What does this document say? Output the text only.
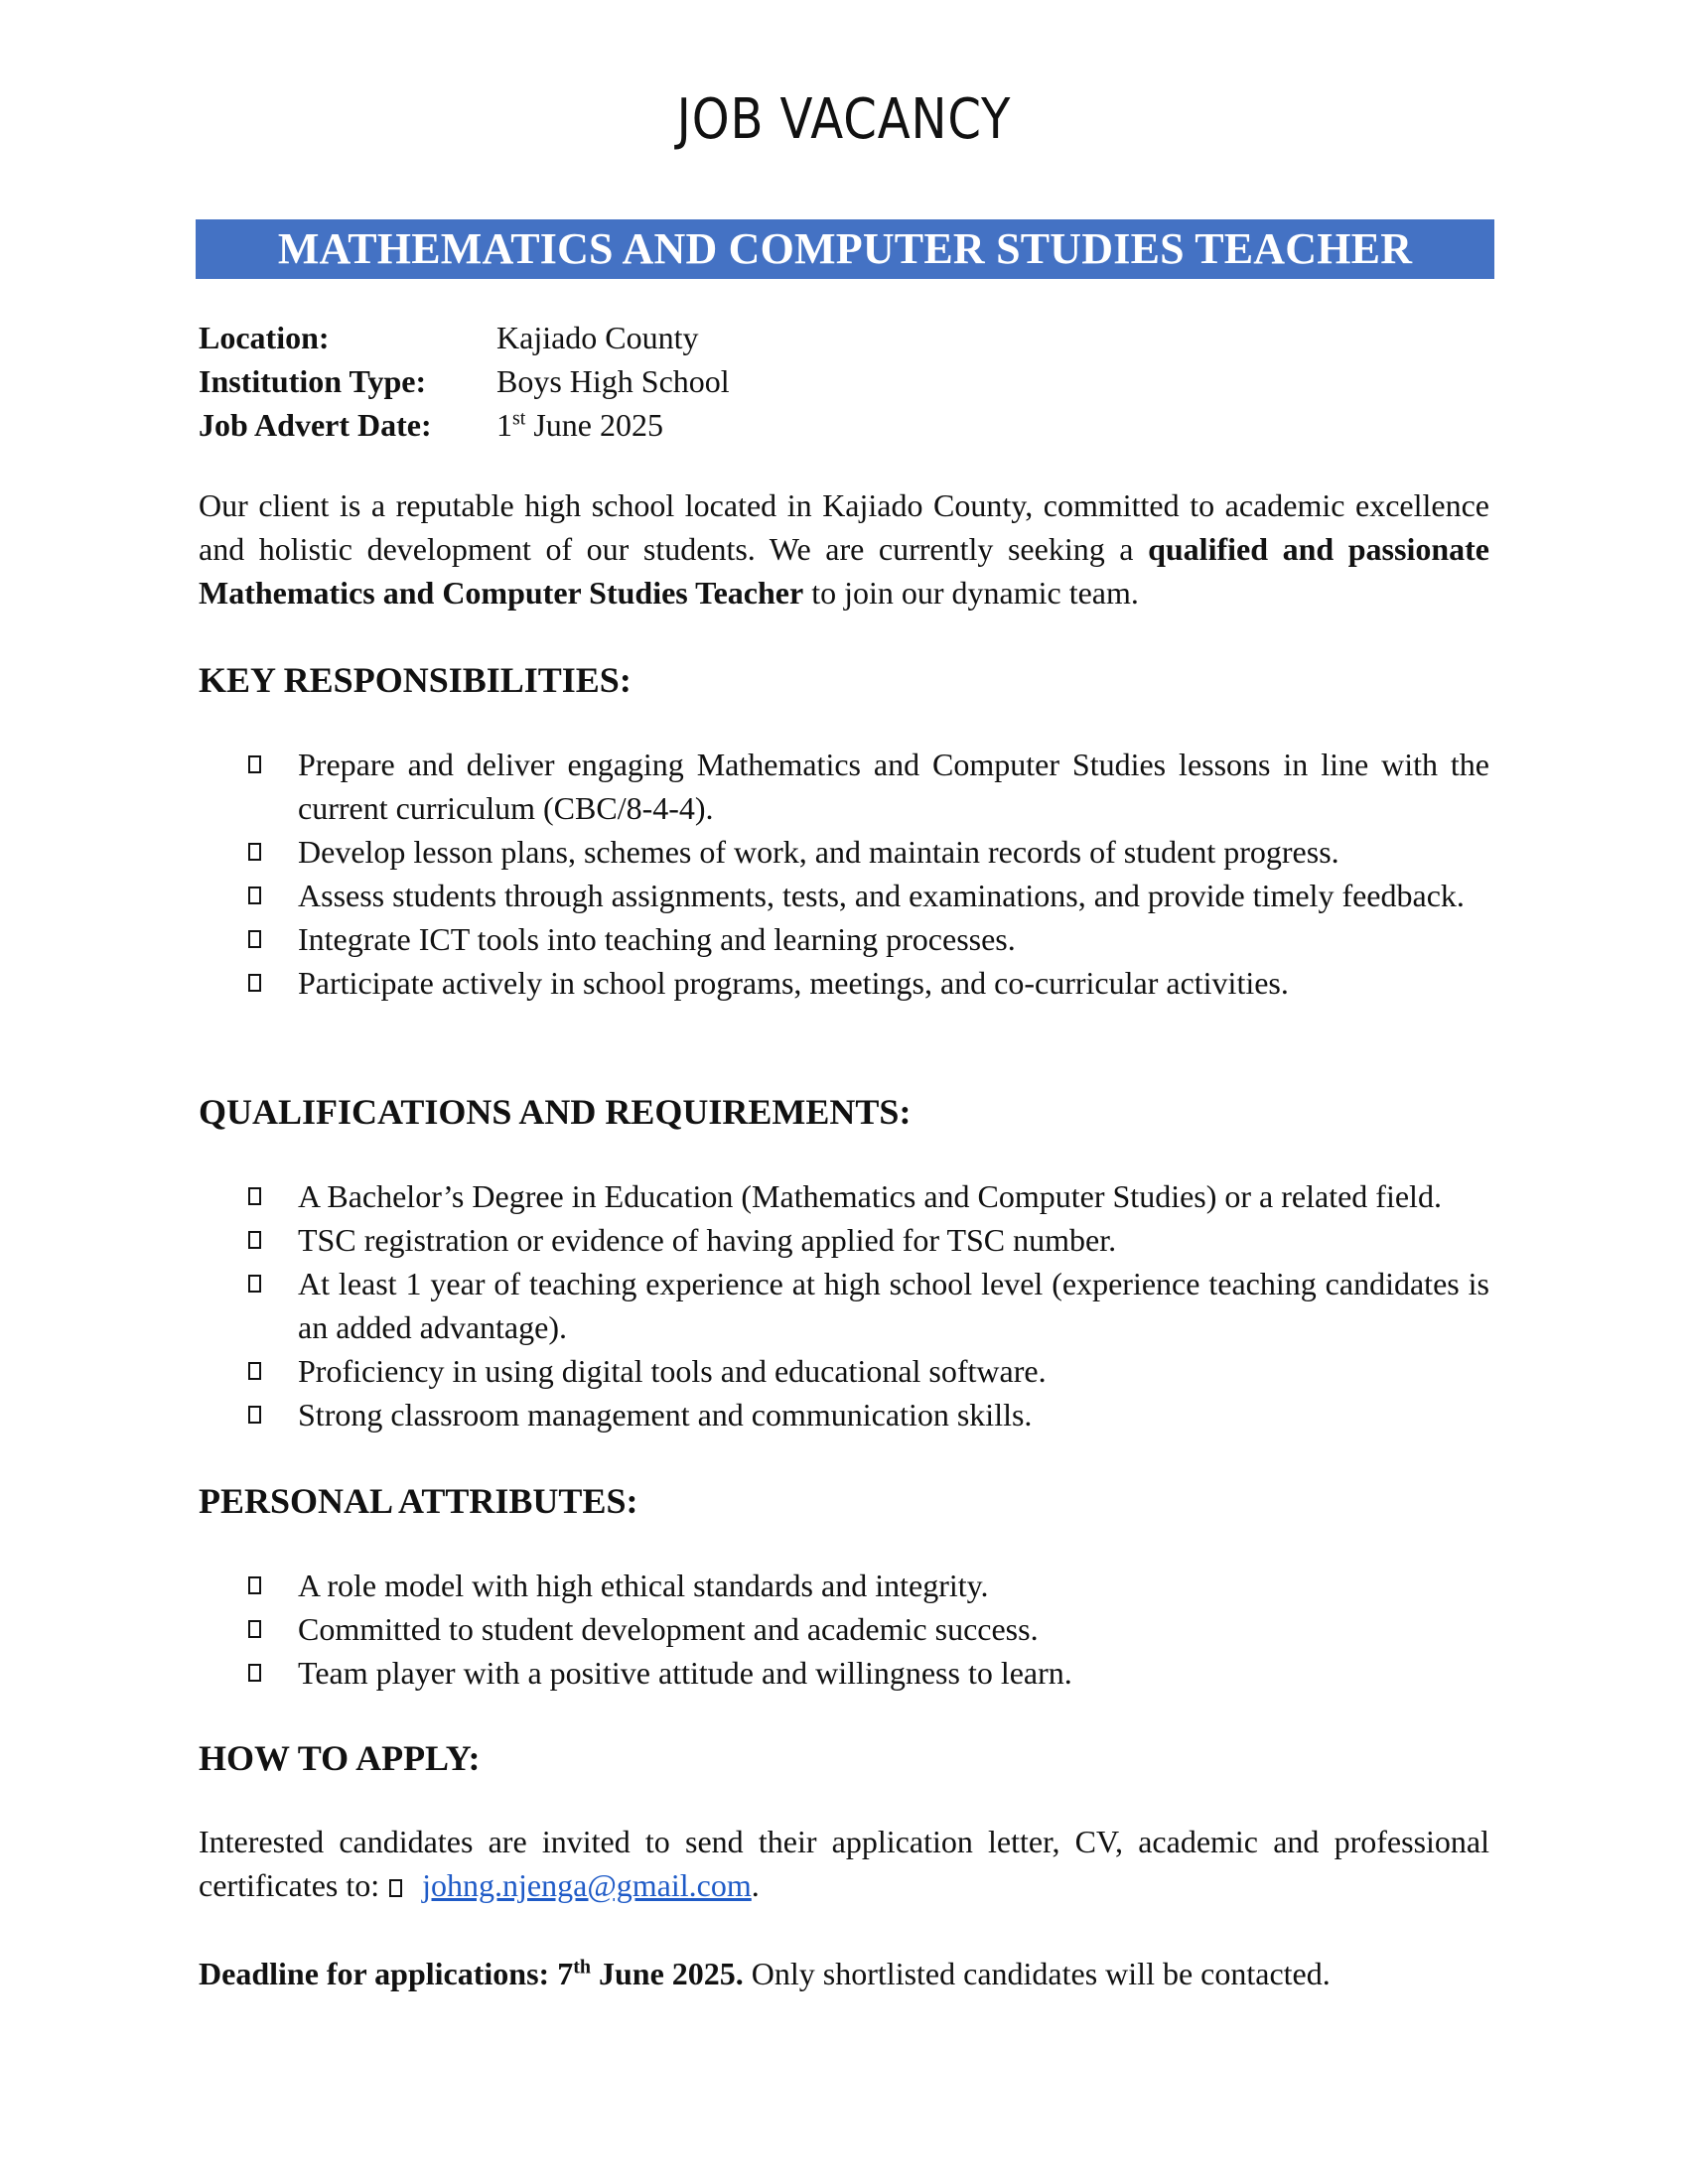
JOB VACANCY
MATHEMATICS AND COMPUTER STUDIES TEACHER
Location:	Kajiado County
Institution Type: Boys High School
Job Advert Date: 1st June 2025
Our client is a reputable high school located in Kajiado County, committed to academic excellence and holistic development of our students. We are currently seeking a qualified and passionate Mathematics and Computer Studies Teacher to join our dynamic team.
KEY RESPONSIBILITIES:
Prepare and deliver engaging Mathematics and Computer Studies lessons in line with the current curriculum (CBC/8-4-4).
Develop lesson plans, schemes of work, and maintain records of student progress.
Assess students through assignments, tests, and examinations, and provide timely feedback.
Integrate ICT tools into teaching and learning processes.
Participate actively in school programs, meetings, and co-curricular activities.
QUALIFICATIONS AND REQUIREMENTS:
A Bachelor’s Degree in Education (Mathematics and Computer Studies) or a related field.
TSC registration or evidence of having applied for TSC number.
At least 1 year of teaching experience at high school level (experience teaching candidates is an added advantage).
Proficiency in using digital tools and educational software.
Strong classroom management and communication skills.
PERSONAL ATTRIBUTES:
A role model with high ethical standards and integrity.
Committed to student development and academic success.
Team player with a positive attitude and willingness to learn.
HOW TO APPLY:
Interested candidates are invited to send their application letter, CV, academic and professional certificates to: johng.njenga@gmail.com.
Deadline for applications: 7th June 2025. Only shortlisted candidates will be contacted.
